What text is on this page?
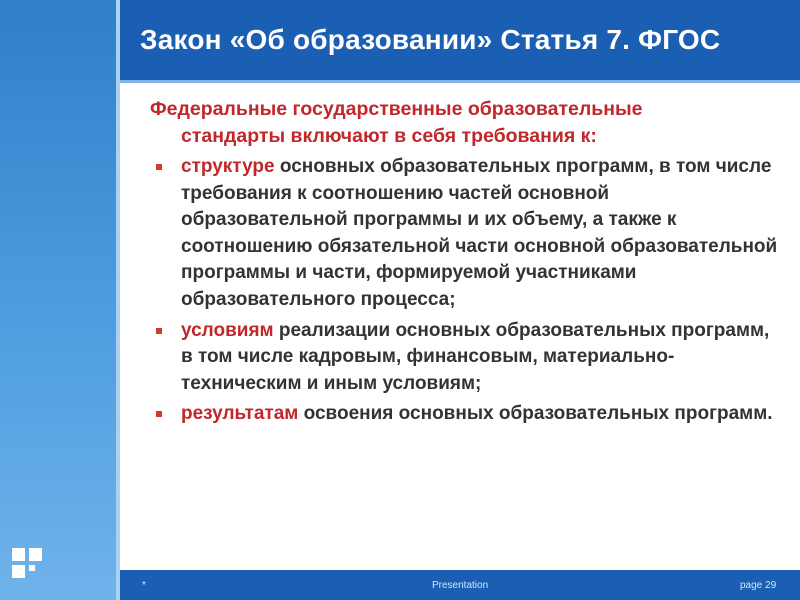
Закон «Об образовании» Статья 7. ФГОС
Федеральные государственные образовательные
стандарты включают в себя требования к:
структуре основных образовательных программ, в том числе требования к соотношению частей основной образовательной программы и их объему, а также к соотношению обязательной части основной образовательной программы и части, формируемой участниками образовательного процесса;
условиям реализации основных образовательных программ, в том числе кадровым, финансовым, материально-техническим и иным условиям;
результатам освоения основных образовательных программ.
*	Presentation	page 29
